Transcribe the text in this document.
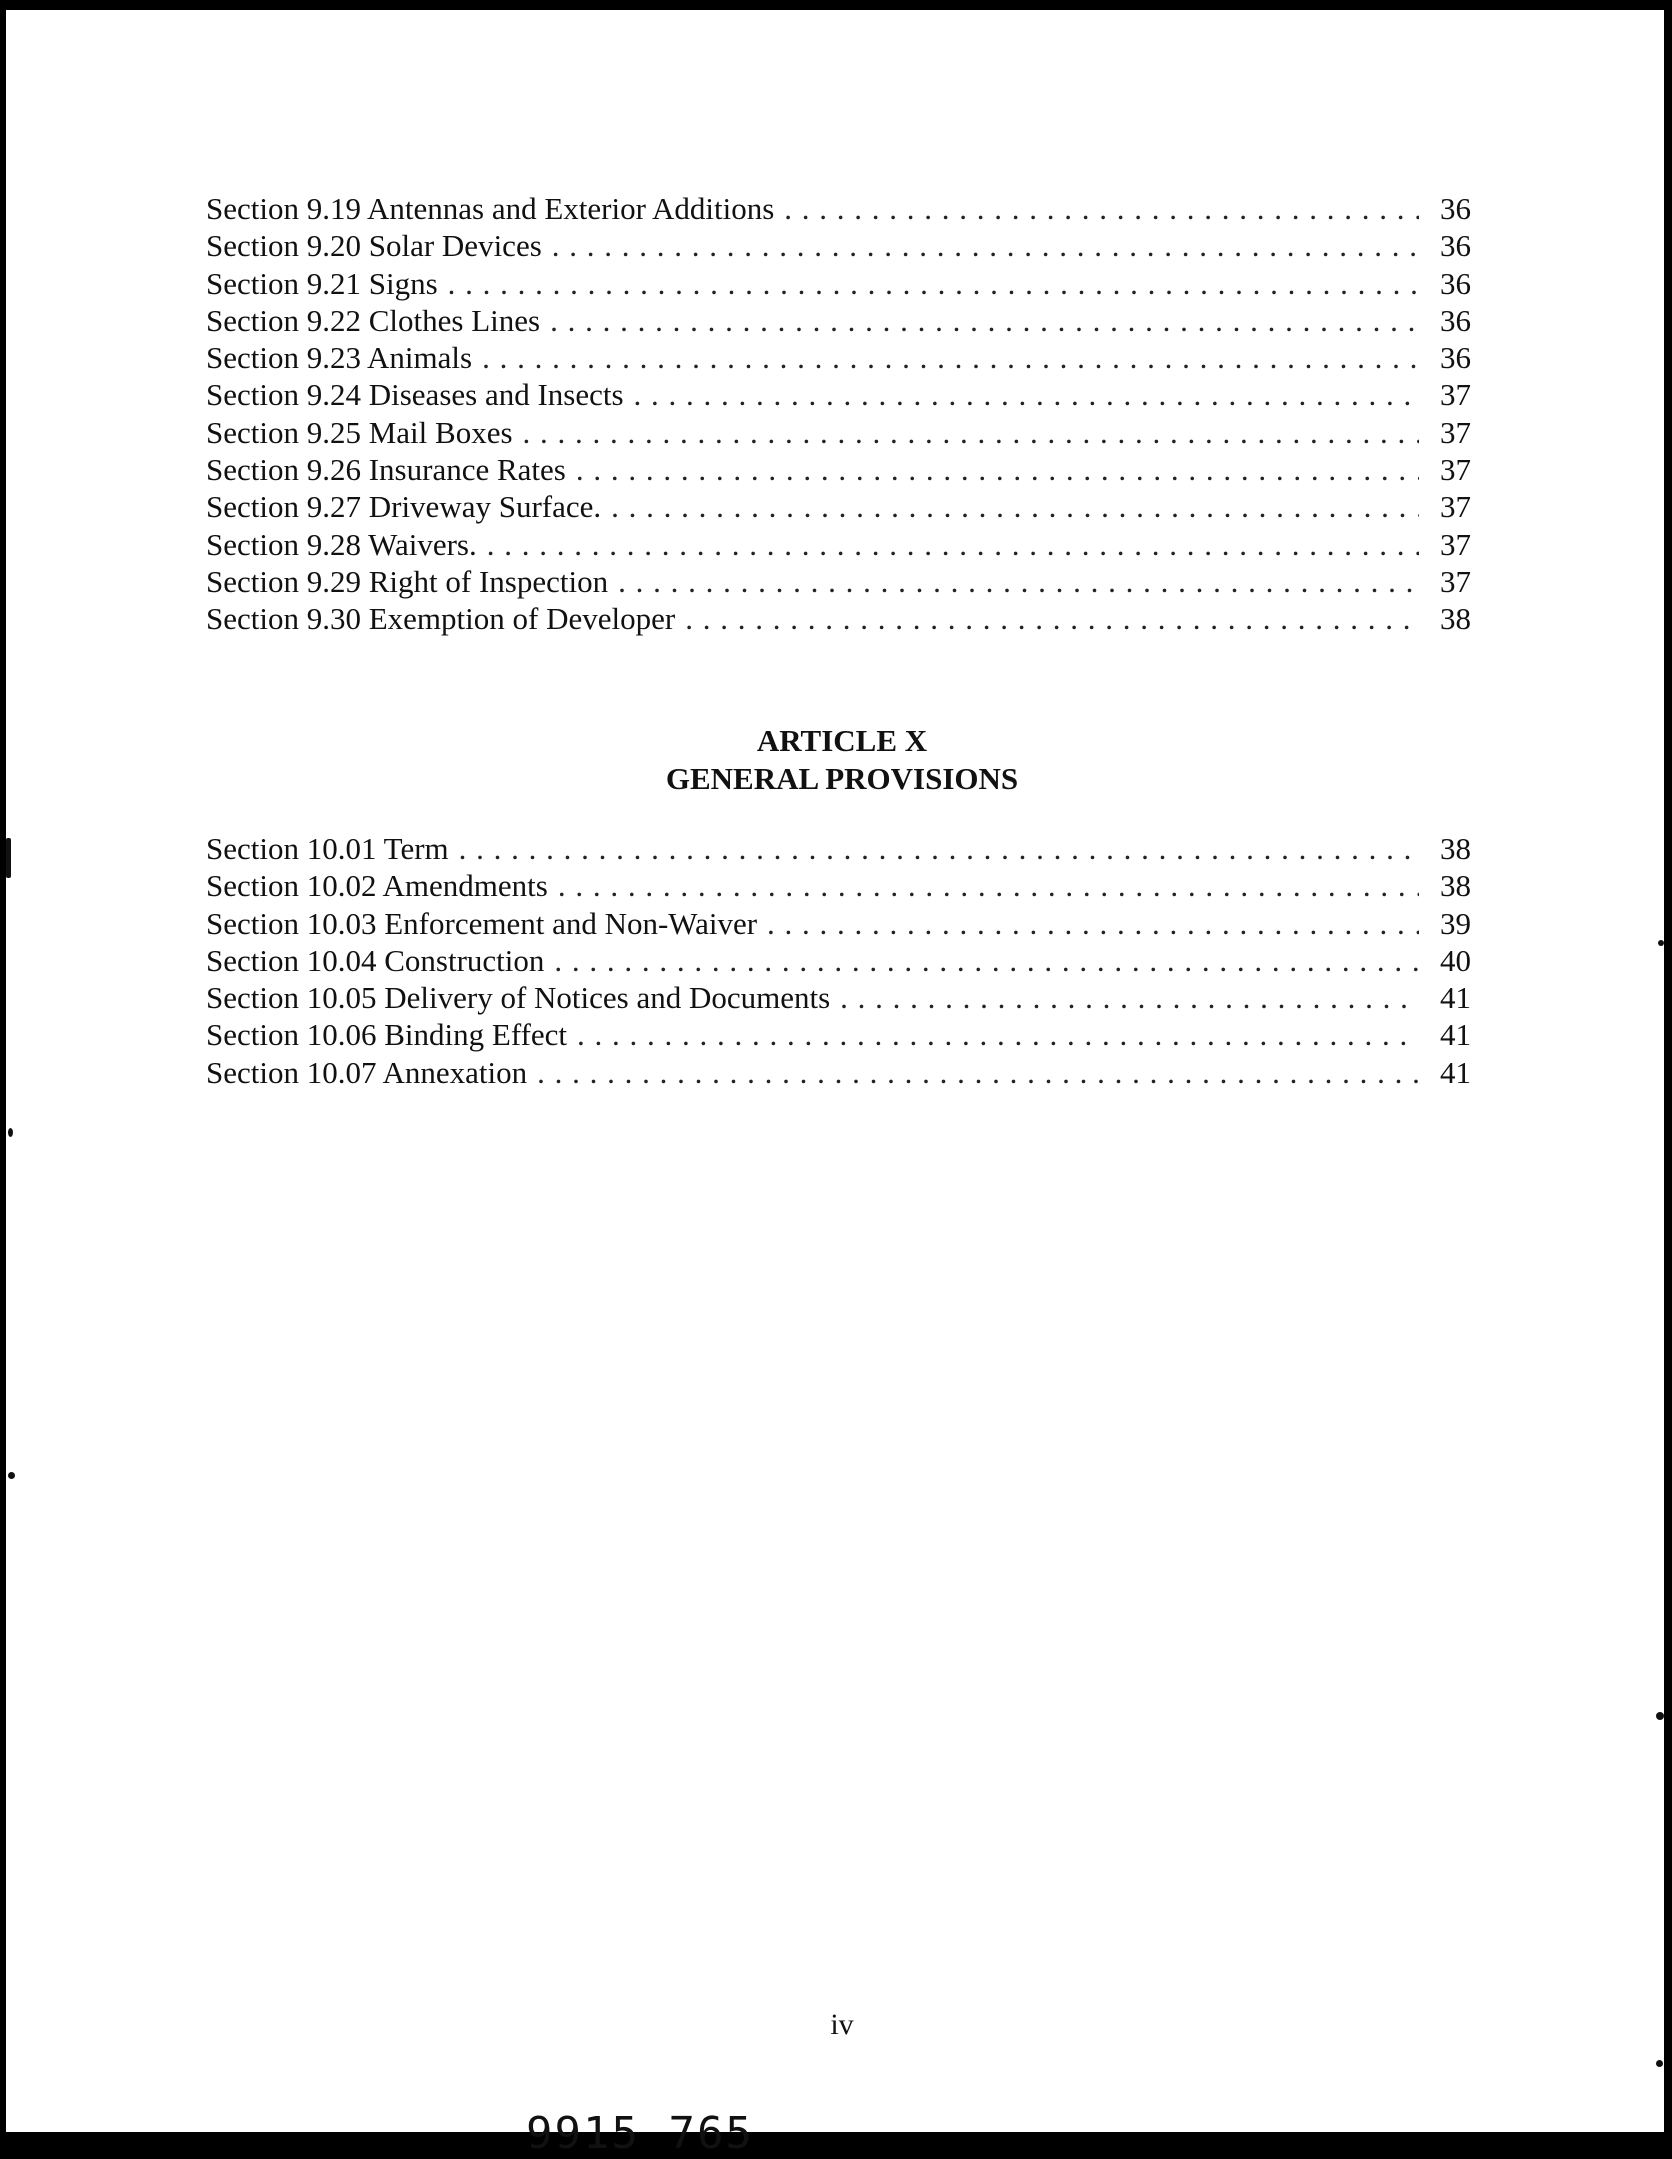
Section 9.19 Antennas and Exterior Additions . . .	36
Section 9.20 Solar Devices . . .	36
Section 9.21 Signs . . .	36
Section 9.22 Clothes Lines . . .	36
Section 9.23 Animals . . .	36
Section 9.24 Diseases and Insects . . .	37
Section 9.25 Mail Boxes . . .	37
Section 9.26 Insurance Rates . . .	37
Section 9.27 Driveway Surface. . . .	37
Section 9.28 Waivers. . . .	37
Section 9.29 Right of Inspection . . .	37
Section 9.30 Exemption of Developer . . .	38
ARTICLE X
GENERAL PROVISIONS
Section 10.01 Term . . .	38
Section 10.02 Amendments . . .	38
Section 10.03 Enforcement and Non-Waiver . . .	39
Section 10.04 Construction . . .	40
Section 10.05 Delivery of Notices and Documents . . .	41
Section 10.06 Binding Effect . . .	41
Section 10.07 Annexation . . .	41
iv
9915 765
